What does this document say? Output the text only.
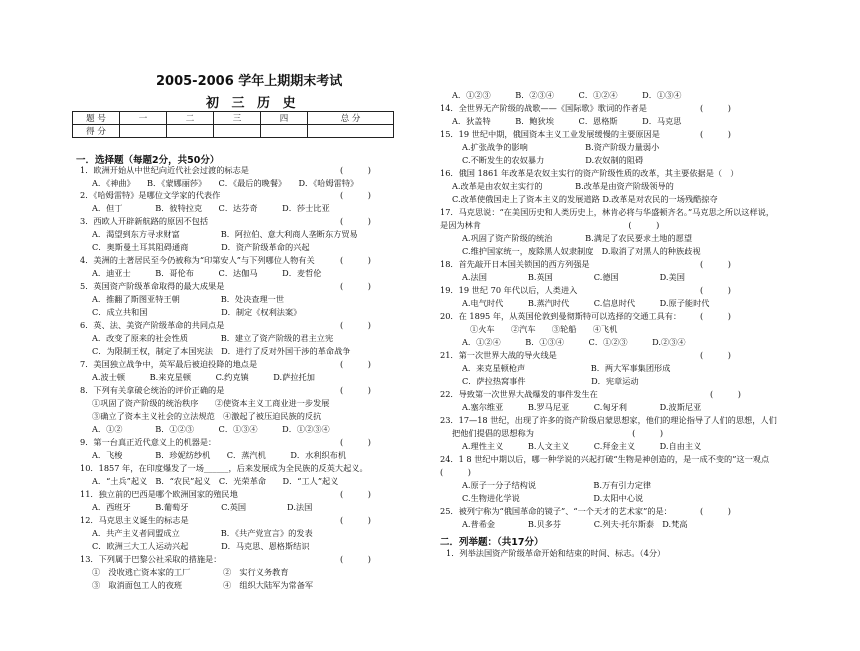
2005-2006 学年上期期末考试
初 三 历 史
题 号	一	二	三	四	总 分
得 分					
一．选择题（每题2分，共50分）
1．欧洲开始从中世纪向近代社会过渡的标志是	(　　　)
A．《神曲》　　B．《蒙娜丽莎》　　C．《最后的晚餐》　　D．《哈姆雷特》
2．《哈姆雷特》是哪位文学家的代表作	(　　　)
A．但丁　　　　B．彼特拉克　　C．达芬奇　　　D．莎士比亚
3．西欧人开辟新航路的原因不包括	(　　　)
A．渴望到东方寻求财富　　　　　B．阿拉伯、意大利商人垄断东方贸易
C．奥斯曼土耳其阻碍通商　　　　D．资产阶级革命的兴起
4．美洲的土著居民至今仍被称为“印第安人”与下列哪位人物有关	(　　　)
A．迪亚士　　　B．哥伦布　　　C．达伽马　　　D．麦哲伦
5．英国资产阶级革命取得的最大成果是	(　　　)
A．推翻了斯图亚特王朝　　　　　B．处决查理一世
C．成立共和国　　　　　　　　　D．制定《权利法案》
6．英、法、美资产阶级革命的共同点是	(　　　)
A．改变了原来的社会性质　　　　B．建立了资产阶级的君主立宪
C．为限制王权，制定了本国宪法　D．进行了反对外国干涉的革命战争
7．美国独立战争中，英军最后被迫投降的地点是	(　　　)
A.波士顿　　　B.来克星顿　　　C.约克镇　　　D.萨拉托加
8．下列有关拿破仑统治的评价正确的是	(　　　)
①巩固了资产阶级的统治秩序　　②使资本主义工商业进一步发展
③确立了资本主义社会的立法规范　④激起了被压迫民族的反抗
A．①②　　　　B．①②③　　　C．①③④　　　D．①②③④
9．第一台真正近代意义上的机器是：	(　　　)
A．飞梭　　　　B．珍妮纺纱机　　C．蒸汽机　　　D．水利织布机
10．1857 年，在印度爆发了一场______，后来发展成为全民族的反英大起义。
A．“土兵”起义　B．“农民”起义　C．光荣革命　　D．“工人”起义
11．独立前的巴西是哪个欧洲国家的殖民地	(　　　)
A．西班牙　　　B.葡萄牙　　　　C.英国　　　　　D.法国
12．马克思主义诞生的标志是	(　　　)
A．共产主义者同盟成立　　　　　B．《共产党宣言》的发表
C．欧洲三大工人运动兴起　　　　D．马克思、恩格斯结识
13．下列属于巴黎公社采取的措施是：	(　　　)
①　没收逃亡资本家的工厂　　　　②　实行义务教育
③　取消面包工人的夜班　　　　　④　组织大陆军为常备军
A．①②③　　　B．②③④　　　C．①②④　　　D．①③④
14．全世界无产阶级的战歌——《国际歌》歌词的作者是	(　　　)
A．狄盖特　　　B．鲍狄埃　　　C．恩格斯　　　D．马克思
15．19 世纪中期，俄国资本主义工业发展缓慢的主要原因是	(　　　)
A.扩张战争的影响　　　　　　　B.资产阶级力量弱小
C.不断发生的农奴暴力　　　　　D.农奴制的阻碍
16．俄国 1861 年改革是农奴主实行的资产阶级性质的改革，其主要依据是（　）
A.改革是由农奴主实行的　　　　B.改革是由资产阶级领导的
C.改革使俄国走上了资本主义的发展道路 D.改革是对农民的一场残酷掠夺
17．马克思说：“在美国历史和人类历史上，林肯必将与华盛顿齐名。”马克思之所以这样说，
是因为林肯　　　　　　　　　　　　　　　　　　(　　　)
A.巩固了资产阶级的统治　　　　B.满足了农民要求土地的愿望
C.维护国家统一，废除黑人奴隶制度　D.取消了对黑人的种族歧视
18．首先敲开日本国关锁国的西方列强是	(　　　)
A.法国　　　　　B.英国　　　　　C.德国　　　　　D.美国
19．19 世纪 70 年代以后，人类进入	(　　　)
A.电气时代　　　B.蒸汽时代　　　C.信息时代　　　D.原子能时代
20．在 1895 年，从英国伦敦到曼彻斯特可以选择的交通工具有： (　　　)
①火车　　②汽车　　③轮船　　④飞机
A．①②④　　　B．①③④　　　C．①②③　　　D.②③④
21．第一次世界大战的导火线是	(　　　)
A．来克星顿枪声　　　　　　　　B．两大军事集团形成
C．萨拉热窝事件　　　　　　　　D．宪章运动
22．导致第一次世界大战爆发的事件发生在	(　　　)
A.塞尔维亚　　　B.罗马尼亚　　　C.匈牙利　　　　D.波斯尼亚
23．17—18 世纪，出现了许多的资产阶级启蒙思想家，他们的理论指导了人们的思想，人们
把他们提倡的思想称为　　　　　　　　　　　　(　　　)
A.理性主义　　　B.人文主义　　　C.拜金主义　　　D.自由主义
24．1 8 世纪中期以后，哪一种学说的兴起打破“生物是神创造的，是一成不变的”这一观点
(　　　)
A.原子一分子结构说　　　　　　　B.万有引力定律
C.生物进化学说　　　　　　　　　D.太阳中心说
25．被列宁称为“俄国革命的镜子”、“一个天才的艺术家”的是：	(　　　)
A.普希金　　　　B.贝多芬　　　　C.列夫·托尔斯泰　D.梵高
二．列举题：（共17分）
1．列举法国资产阶级革命开始和结束的时间、标志。（4分）
